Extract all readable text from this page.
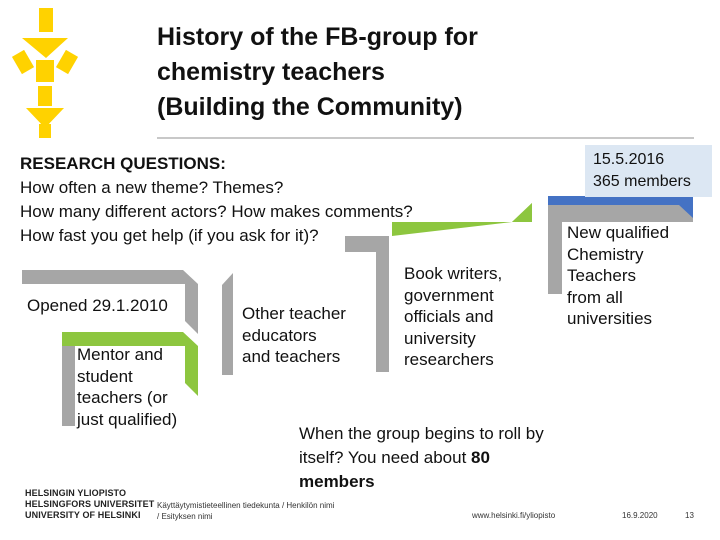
History of the FB-group for
chemistry teachers
(Building the Community)
RESEARCH QUESTIONS:
How often a new theme? Themes?
How many different actors? How makes comments?
How fast you get help (if you ask for it)?
Opened 29.1.2010
Mentor and
student
teachers (or
just qualified)
Other teacher
educators
and teachers
Book writers,
government
officials and
university
researchers
New qualified
Chemistry
Teachers
from all
universities
15.5.2016
365 members
When the group begins to roll by
itself? You need about 80
members
HELSINGIN YLIOPISTO
HELSINGFORS UNIVERSITET
UNIVERSITY OF HELSINKI
Käyttäytymistieteellinen tiedekunta / Henkilön nimi
/ Esityksen nimi	www.helsinki.fi/yliopisto	16.9.2020	13
